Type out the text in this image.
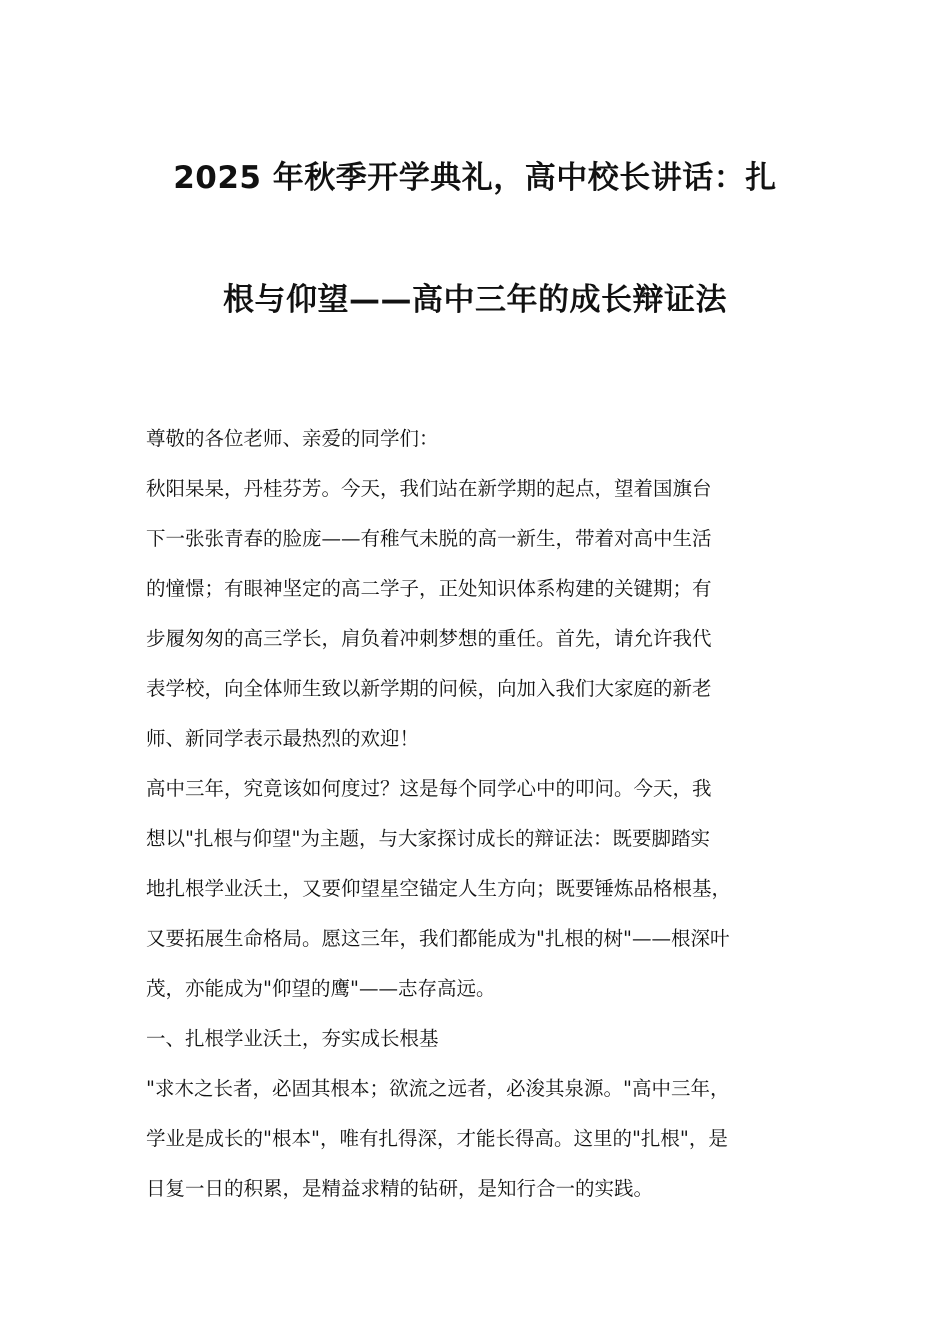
2025 年秋季开学典礼，高中校长讲话：扎
根与仰望——高中三年的成长辩证法

尊敬的各位老师、亲爱的同学们：

秋阳杲杲，丹桂芬芳。今天，我们站在新学期的起点，望着国旗台
下一张张青春的脸庞——有稚气未脱的高一新生，带着对高中生活
的憧憬；有眼神坚定的高二学子，正处知识体系构建的关键期；有
步履匆匆的高三学长，肩负着冲刺梦想的重任。首先，请允许我代
表学校，向全体师生致以新学期的问候，向加入我们大家庭的新老
师、新同学表示最热烈的欢迎！

高中三年，究竟该如何度过？这是每个同学心中的叩问。今天，我
想以"扎根与仰望"为主题，与大家探讨成长的辩证法：既要脚踏实
地扎根学业沃土，又要仰望星空锚定人生方向；既要锤炼品格根基，
又要拓展生命格局。愿这三年，我们都能成为"扎根的树"——根深叶
茂，亦能成为"仰望的鹰"——志存高远。

一、扎根学业沃土，夯实成长根基

"求木之长者，必固其根本；欲流之远者，必浚其泉源。"高中三年，
学业是成长的"根本"，唯有扎得深，才能长得高。这里的"扎根"，是
日复一日的积累，是精益求精的钻研，是知行合一的实践。
